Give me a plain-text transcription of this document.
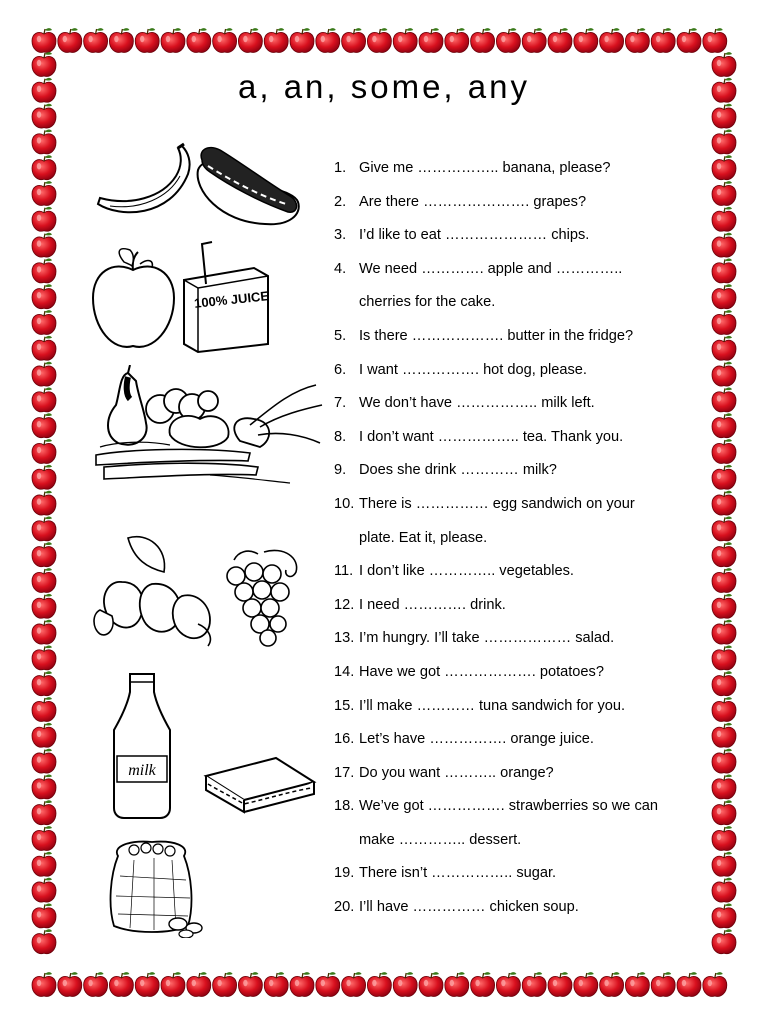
a, an, some, any
100% JUICE
milk
1. Give me …………….. banana, please?
2. Are there …………………. grapes?
3. I’d like to eat ………………… chips.
4. We need …………. apple and …………..
cherries for the cake.
5. Is there ………………. butter in the fridge?
6. I want ……………. hot dog, please.
7. We don’t have …………….. milk left.
8. I don’t want …………….. tea. Thank you.
9. Does she drink ………… milk?
10. There is …………… egg sandwich on your
plate. Eat it, please.
11. I don’t like ………….. vegetables.
12. I need …………. drink.
13. I’m hungry. I’ll take ……………… salad.
14. Have we got ………………. potatoes?
15. I’ll make ………… tuna sandwich for you.
16. Let’s have ……………. orange juice.
17. Do you want ……….. orange?
18. We’ve got ……………. strawberries so we can
make ………….. dessert.
19. There isn’t …………….. sugar.
20. I’ll have …………… chicken soup.
